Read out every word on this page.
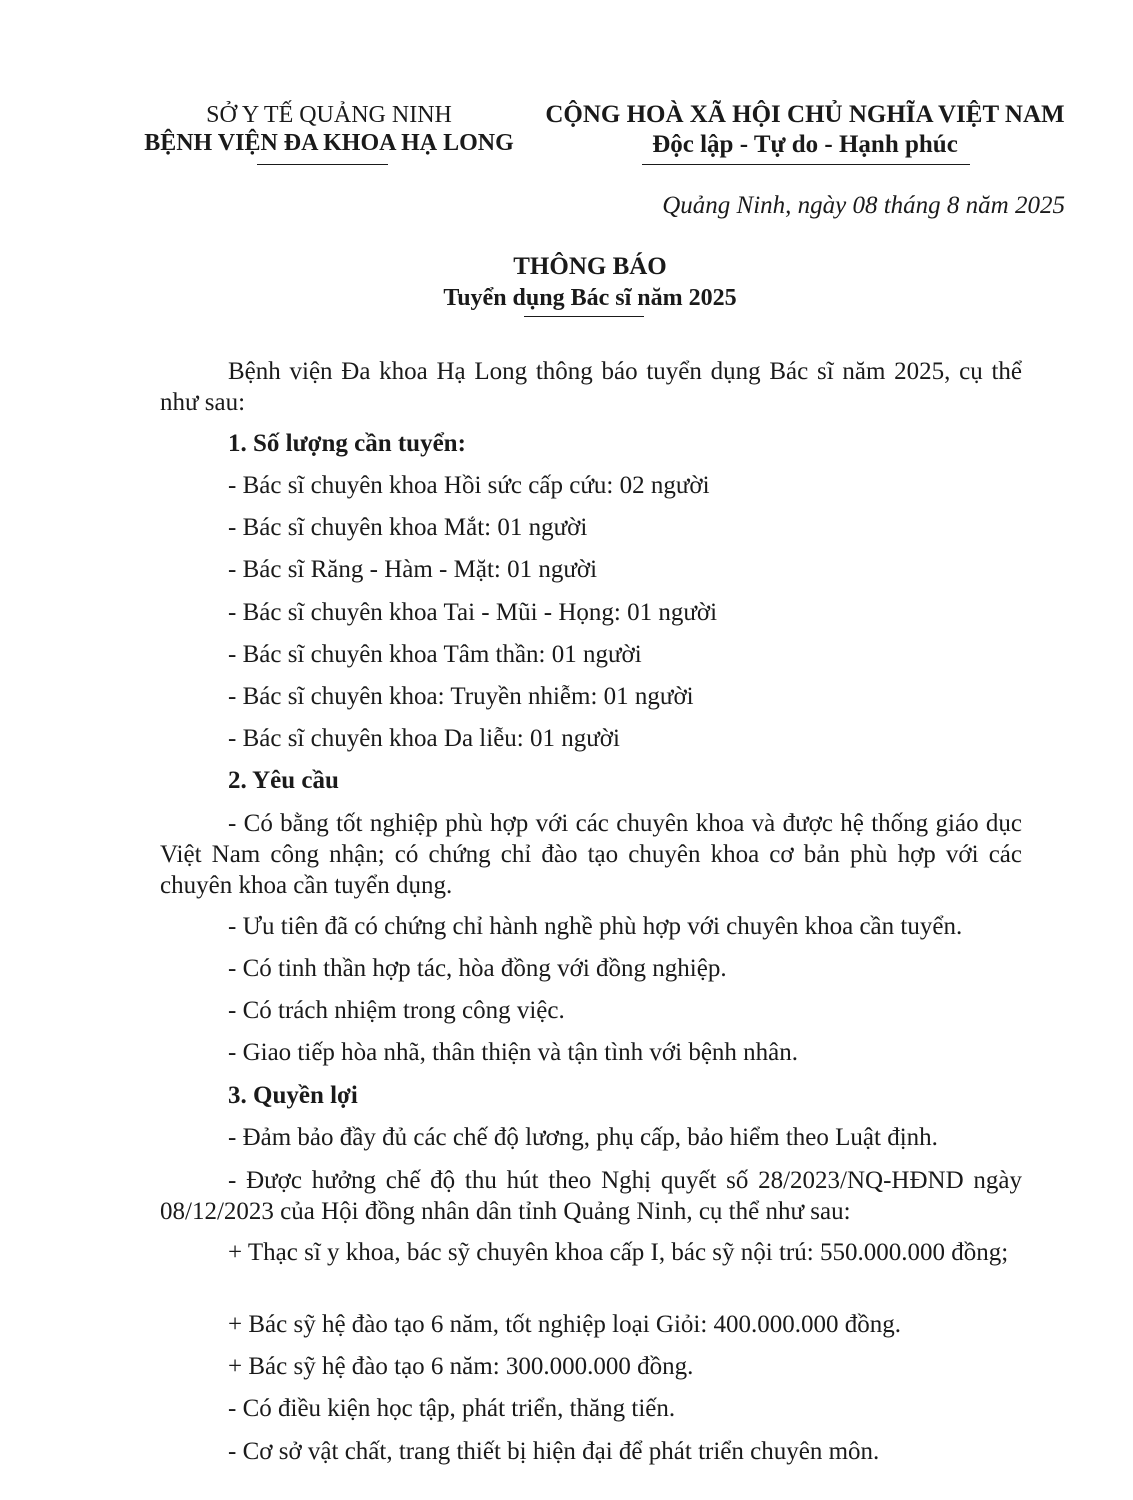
SỞ Y TẾ QUẢNG NINH
BỆNH VIỆN ĐA KHOA HẠ LONG
CỘNG HOÀ XÃ HỘI CHỦ NGHĨA VIỆT NAM
Độc lập - Tự do - Hạnh phúc
Quảng Ninh, ngày 08 tháng 8 năm 2025
THÔNG BÁO
Tuyển dụng Bác sĩ năm 2025
Bệnh viện Đa khoa Hạ Long thông báo tuyển dụng Bác sĩ năm 2025, cụ thể như sau:
1. Số lượng cần tuyển:
- Bác sĩ chuyên khoa Hồi sức cấp cứu: 02 người
- Bác sĩ chuyên khoa Mắt: 01 người
- Bác sĩ Răng - Hàm - Mặt: 01 người
- Bác sĩ chuyên khoa Tai - Mũi - Họng: 01 người
- Bác sĩ chuyên khoa Tâm thần: 01 người
- Bác sĩ chuyên khoa: Truyền nhiễm: 01 người
- Bác sĩ chuyên khoa Da liễu: 01 người
2. Yêu cầu
- Có bằng tốt nghiệp phù hợp với các chuyên khoa và được hệ thống giáo dục Việt Nam công nhận; có chứng chỉ đào tạo chuyên khoa cơ bản phù hợp với các chuyên khoa cần tuyển dụng.
- Ưu tiên đã có chứng chỉ hành nghề phù hợp với chuyên khoa cần tuyển.
- Có tinh thần hợp tác, hòa đồng với đồng nghiệp.
- Có trách nhiệm trong công việc.
- Giao tiếp hòa nhã, thân thiện và tận tình với bệnh nhân.
3. Quyền lợi
- Đảm bảo đầy đủ các chế độ lương, phụ cấp, bảo hiểm theo Luật định.
- Được hưởng chế độ thu hút theo Nghị quyết số 28/2023/NQ-HĐND ngày 08/12/2023 của Hội đồng nhân dân tỉnh Quảng Ninh, cụ thể như sau:
+ Thạc sĩ y khoa, bác sỹ chuyên khoa cấp I, bác sỹ nội trú: 550.000.000 đồng;
+ Bác sỹ hệ đào tạo 6 năm, tốt nghiệp loại Giỏi: 400.000.000 đồng.
+ Bác sỹ hệ đào tạo 6 năm: 300.000.000 đồng.
- Có điều kiện học tập, phát triển, thăng tiến.
- Cơ sở vật chất, trang thiết bị hiện đại để phát triển chuyên môn.
